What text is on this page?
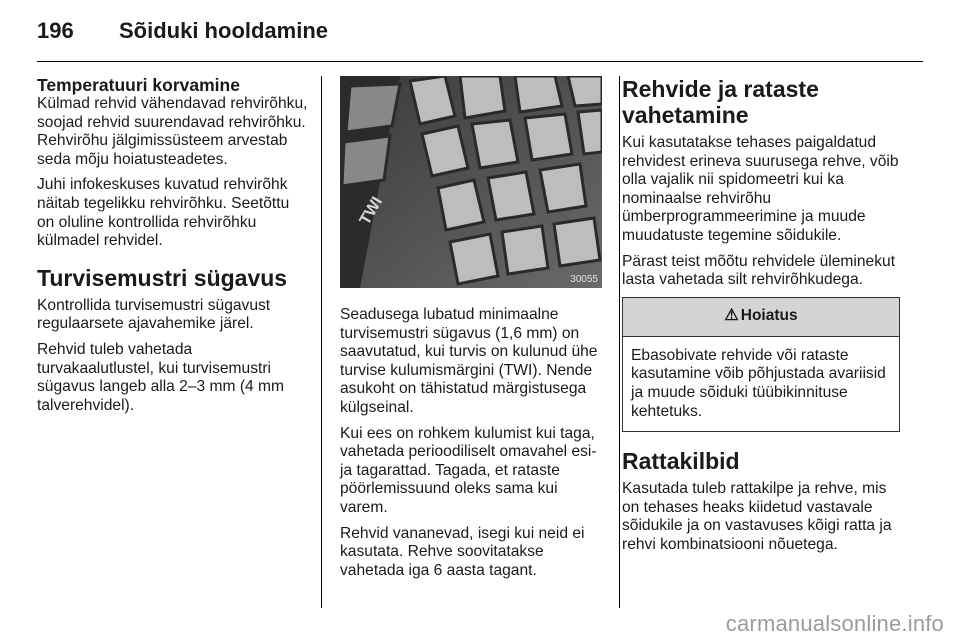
196 Sõiduki hooldamine
Temperatuuri korvamine

Külmad rehvid vähendavad rehvirõhku, soojad rehvid suurendavad rehvirõhku. Rehvirõhu jälgimissüsteem arvestab seda mõju hoiatusteadetes.

Juhi infokeskuses kuvatud rehvirõhk näitab tegelikku rehvirõhku. Seetõttu on oluline kontrollida rehvirõhku külmadel rehvidel.

Turvisemustri sügavus

Kontrollida turvisemustri sügavust regulaarsete ajavahemike järel.

Rehvid tuleb vahetada turvakaalutlustel, kui turvisemustri sügavus langeb alla 2–3 mm (4 mm talverehvidel).

TWI
30055

Seadusega lubatud minimaalne turvisemustri sügavus (1,6 mm) on saavutatud, kui turvis on kulunud ühe turvise kulumismärgini (TWI). Nende asukoht on tähistatud märgistusega külgseinal.

Kui ees on rohkem kulumist kui taga, vahetada perioodiliselt omavahel esi- ja tagarattad. Tagada, et rataste pöörlemissuund oleks sama kui varem.

Rehvid vananevad, isegi kui neid ei kasutata. Rehve soovitatakse vahetada iga 6 aasta tagant.

Rehvide ja rataste vahetamine

Kui kasutatakse tehases paigaldatud rehvidest erineva suurusega rehve, võib olla vajalik nii spidomeetri kui ka nominaalse rehvirõhu ümberprogrammeerimine ja muude muudatuste tegemine sõidukile.

Pärast teist mõõtu rehvidele üleminekut lasta vahetada silt rehvirõhkudega.

⚠ Hoiatus
Ebasobivate rehvide või rataste kasutamine võib põhjustada avariisid ja muude sõiduki tüübikinnituse kehtetuks.
Rattakilbid

Kasutada tuleb rattakilpe ja rehve, mis on tehases heaks kiidetud vastavale sõidukile ja on vastavuses kõigi ratta ja rehvi kombinatsiooni nõuetega.

carmanualsonline.info
